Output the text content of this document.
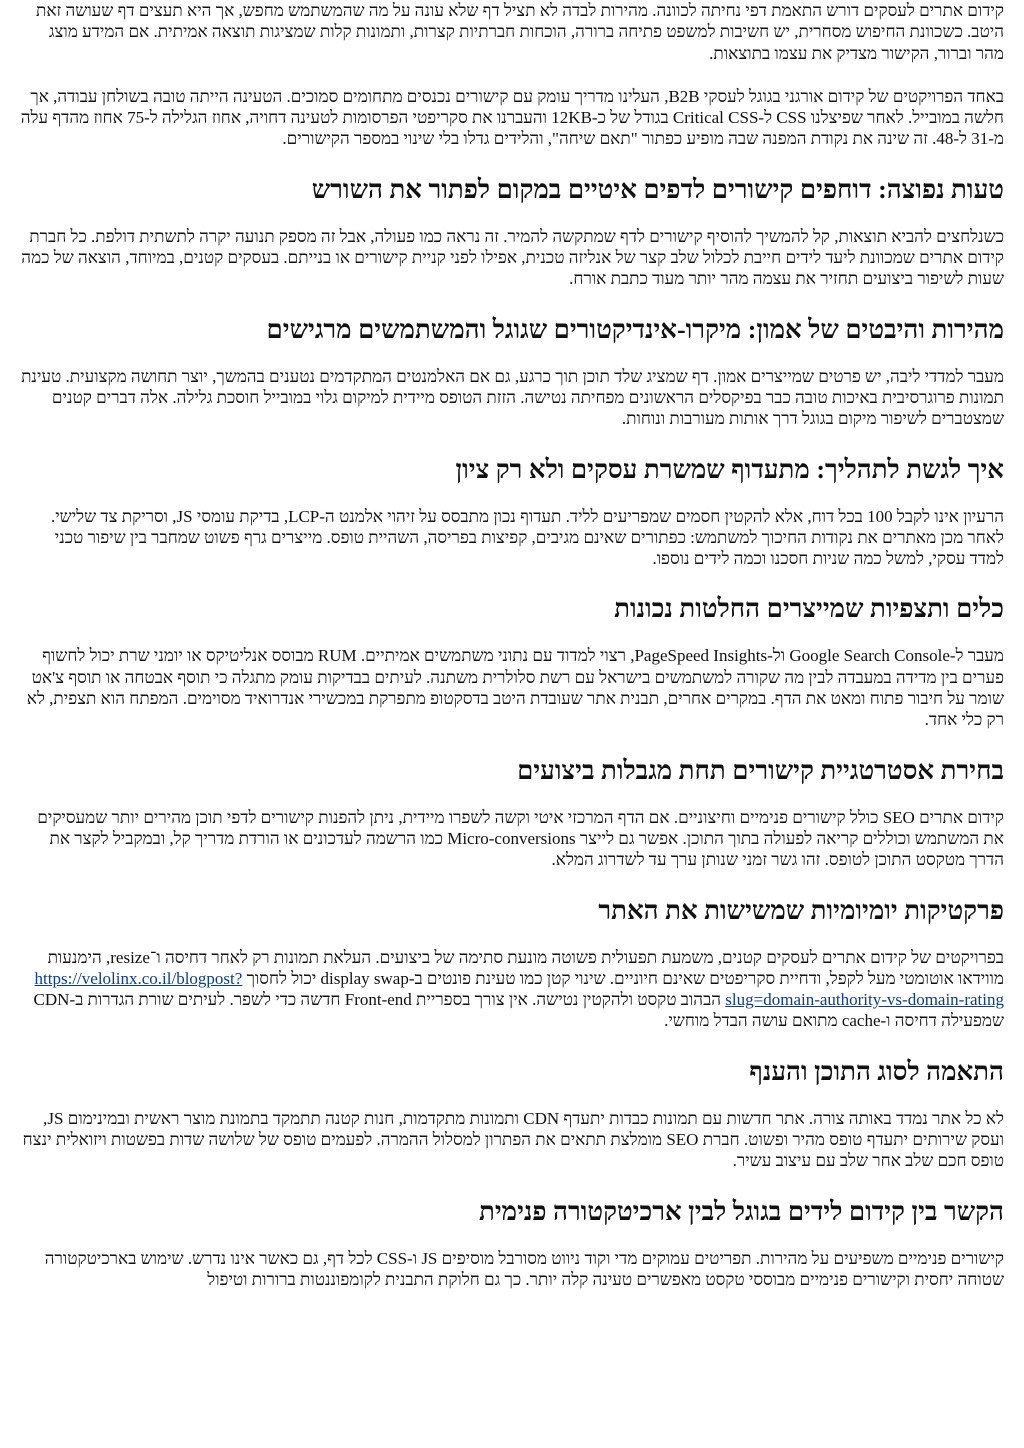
קידום אתרים לעסקים דורש התאמת דפי נחיתה לכוונה. מהירות לבדה לא תציל דף שלא עונה על מה שהמשתמש מחפש, אך היא תעצים דף שעושה זאת היטב. כשכוונת החיפוש מסחרית, יש חשיבות למשפט פתיחה ברורה, הוכחות חברתיות קצרות, ותמונות קלות שמציגות תוצאה אמיתית. אם המידע מוצג מהר וברור, הקישור מצדיק את עצמו בתוצאות.

באחד הפרויקטים של קידום אורגני בגוגל לעסקי B2B, העלינו מדריך עומק עם קישורים נכנסים מתחומים סמוכים. הטעינה הייתה טובה בשולחן עבודה, אך חלשה במובייל. לאחר שפיצלנו CSS ל-Critical CSS בגודל של כ-12KB והעברנו את סקריפטי הפרסומות לטעינה דחויה, אחוז הגלילה ל-75 אחוז מהדף עלה מ-31 ל-48. זה שינה את נקודת המפנה שבה מופיע כפתור "תאם שיחה", והלידים גדלו בלי שינוי במספר הקישורים.

טעות נפוצה: דוחפים קישורים לדפים איטיים במקום לפתור את השורש

כשנלחצים להביא תוצאות, קל להמשיך להוסיף קישורים לדף שמתקשה להמיר. זה נראה כמו פעולה, אבל זה מספק תנועה יקרה לתשתית דולפת. כל חברת קידום אתרים שמכוונת ליעד לידים חייבת לכלול שלב קצר של אנליזה טכנית, אפילו לפני קניית קישורים או בנייתם. בעסקים קטנים, במיוחד, הוצאה של כמה שעות לשיפור ביצועים תחזיר את עצמה מהר יותר מעוד כתבת אורח.

מהירות והיבטים של אמון: מיקרו-אינדיקטורים שגוגל והמשתמשים מרגישים

מעבר למדדי ליבה, יש פרטים שמייצרים אמון. דף שמציג שלד תוכן תוך כרגע, גם אם האלמנטים המתקדמים נטענים בהמשך, יוצר תחושה מקצועית. טעינת תמונות פרוגרסיבית באיכות טובה כבר בפיקסלים הראשונים מפחיתה נטישה. הזזת הטופס מיידית למיקום גלוי במובייל חוסכת גלילה. אלה דברים קטנים שמצטברים לשיפור מיקום בגוגל דרך אותות מעורבות ונוחות.

איך לגשת לתהליך: מתעדוף שמשרת עסקים ולא רק ציון

הרעיון אינו לקבל 100 בכל דוח, אלא להקטין חסמים שמפריעים לליד. תעדוף נכון מתבסס על זיהוי אלמנט ה-LCP, בדיקת עומסי JS, וסריקת צד שלישי. לאחר מכן מאתרים את נקודות החיכוך למשתמש: כפתורים שאינם מגיבים, קפיצות בפריסה, השהיית טופס. מייצרים גרף פשוט שמחבר בין שיפור טכני למדד עסקי, למשל כמה שניות חסכנו וכמה לידים נוספו.

כלים ותצפיות שמייצרים החלטות נכונות

מעבר ל-Google Search Console ול-PageSpeed Insights, רצוי למדוד עם נתוני משתמשים אמיתיים. RUM מבוסס אנליטיקס או יומני שרת יכול לחשוף פערים בין מדידה במעבדה לבין מה שקורה למשתמשים בישראל עם רשת סלולרית משתנה. לעיתים בבדיקות עומק מתגלה כי תוסף אבטחה או תוסף צ'אט שומר על חיבור פתוח ומאט את הדף. במקרים אחרים, תבנית אתר שעובדת היטב בדסקטופ מתפרקת במכשירי אנדרואיד מסוימים. המפתח הוא תצפית, לא רק כלי אחד.

בחירת אסטרטגיית קישורים תחת מגבלות ביצועים

קידום אתרים SEO כולל קישורים פנימיים וחיצוניים. אם הדף המרכזי איטי וקשה לשפרו מיידית, ניתן להפנות קישורים לדפי תוכן מהירים יותר שמעסיקים את המשתמש וכוללים קריאה לפעולה בתוך התוכן. אפשר גם לייצר Micro-conversions כמו הרשמה לעדכונים או הורדת מדריך קל, ובמקביל לקצר את הדרך מטקסט התוכן לטופס. זהו גשר זמני שנותן ערך עד לשדרוג המלא.

פרקטיקות יומיומיות שמשישות את האתר

בפרויקטים של קידום אתרים לעסקים קטנים, משמעת תפעולית פשוטה מונעת סתימה של ביצועים. העלאת תמונות רק לאחר דחיסה ו־resize, הימנעות מווידאו אוטומטי מעל לקפל, ודחיית סקריפטים שאינם חיוניים. שינוי קטן כמו טעינת פונטים ב-display swap יכול לחסוך https://velolinx.co.il/blogpost?slug=domain-authority-vs-domain-rating הבהוב טקסט ולהקטין נטישה. אין צורך בספריית Front-end חדשה כדי לשפר. לעיתים שורת הגדרות ב-CDN שמפעילה דחיסה ו-cache מתואם עושה הבדל מוחשי.

התאמה לסוג התוכן והענף

לא כל אתר נמדד באותה צורה. אתר חדשות עם תמונות כבדות יתעדף CDN ותמונות מתקדמות, חנות קטנה תתמקד בתמונת מוצר ראשית ובמינימום JS, ועסק שירותים יתעדף טופס מהיר ופשוט. חברת SEO מומלצת תתאים את הפתרון למסלול ההמרה. לפעמים טופס של שלושה שדות בפשטות ויזואלית ינצח טופס חכם שלב אחר שלב עם עיצוב עשיר.

הקשר בין קידום לידים בגוגל לבין ארכיטקטורה פנימית

קישורים פנימיים משפיעים על מהירות. תפריטים עמוקים מדי וקוד ניווט מסורבל מוסיפים JS ו-CSS לכל דף, גם כאשר אינו נדרש. שימוש בארכיטקטורה שטוחה יחסית וקישורים פנימיים מבוססי טקסט מאפשרים טעינה קלה יותר. כך גם חלוקת התבנית לקומפוננטות ברורות וטיפול
